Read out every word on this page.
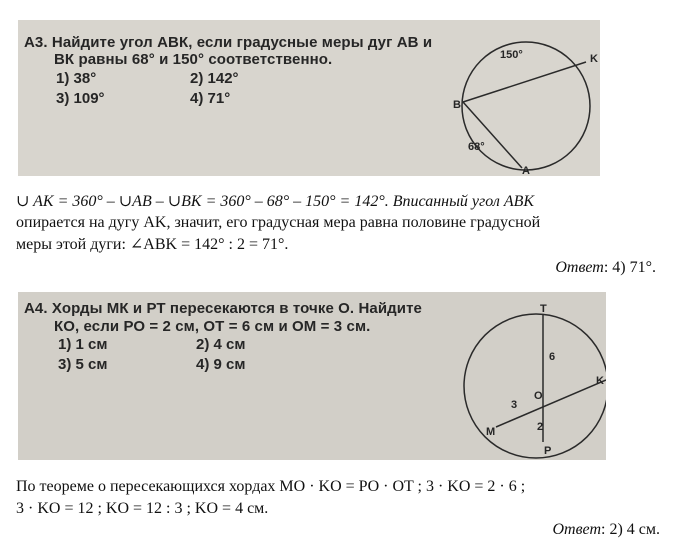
А3. Найдите угол АВК, если градусные меры дуг АВ и
ВК равны 68° и 150° соответственно.
1) 38°	2) 142°
3) 109°	4) 71°
150°	K
B
68°
A
∪ AK = 360° – ∪AB – ∪BK = 360° – 68° – 150° = 142°. Вписанный угол ABK
опирается на дугу AK, значит, его градусная мера равна половине градусной
меры этой дуги: ∠ABK = 142° : 2 = 71°.
Ответ: 4) 71°.
А4. Хорды МК и РТ пересекаются в точке О. Найдите
КО, если РО = 2 см, ОТ = 6 см и ОМ = 3 см.
1) 1 см	2) 4 см
3) 5 см	4) 9 см
T
6
K
O
3
2
M
P
По теореме о пересекающихся хордах MO · KO = PO · OT ; 3 · KO = 2 · 6 ;
3 · KO = 12 ; KO = 12 : 3 ; KO = 4 см.
Ответ: 2) 4 см.
